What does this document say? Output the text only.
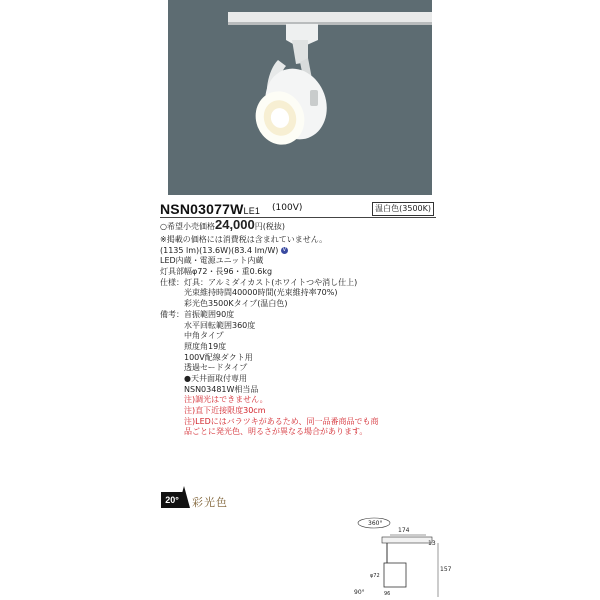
NSN03077WLE1 (100V)	温白色(3500K)
○希望小売価格24,000円(税抜)
※掲載の価格には消費税は含まれていません。
(1135 lm)(13.6W)(83.4 lm/W) V
LED内蔵・電源ユニット内蔵
灯具部幅φ72・長96・重0.6kg
仕様：灯具：アルミダイカスト(ホワイトつや消し仕上)
光束維持時間40000時間(光束維持率70%)
彩光色3500Kタイプ(温白色)
備考：首振範囲90度
水平回転範囲360度
中角タイプ
照度角19度
100V配線ダクト用
透過セードタイプ
●天井面取付専用
NSN03481W相当品
注)調光はできません。
注)直下近接限度30cm
注)LEDにはバラツキがあるため、同一品番商品でも商
品ごとに発光色、明るさが異なる場合があります。
20°	彩光色
360°
174
13
157
φ72
96
90°
